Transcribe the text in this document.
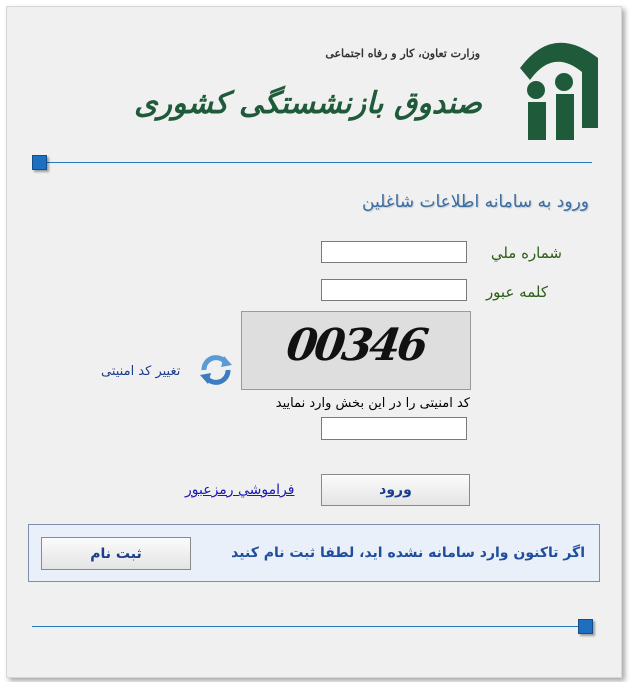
وزارت تعاون، کار و رفاه اجتماعی
صندوق بازنشستگی کشوری
ورود به سامانه اطلاعات شاغلین
شماره ملي
کلمه عبور
00346
تغییر کد امنیتی
کد امنیتی را در این بخش وارد نمایید
ورود
فراموشي رمزعبور
اگر تاکنون وارد سامانه نشده اید، لطفا ثبت نام کنید
ثبت نام
